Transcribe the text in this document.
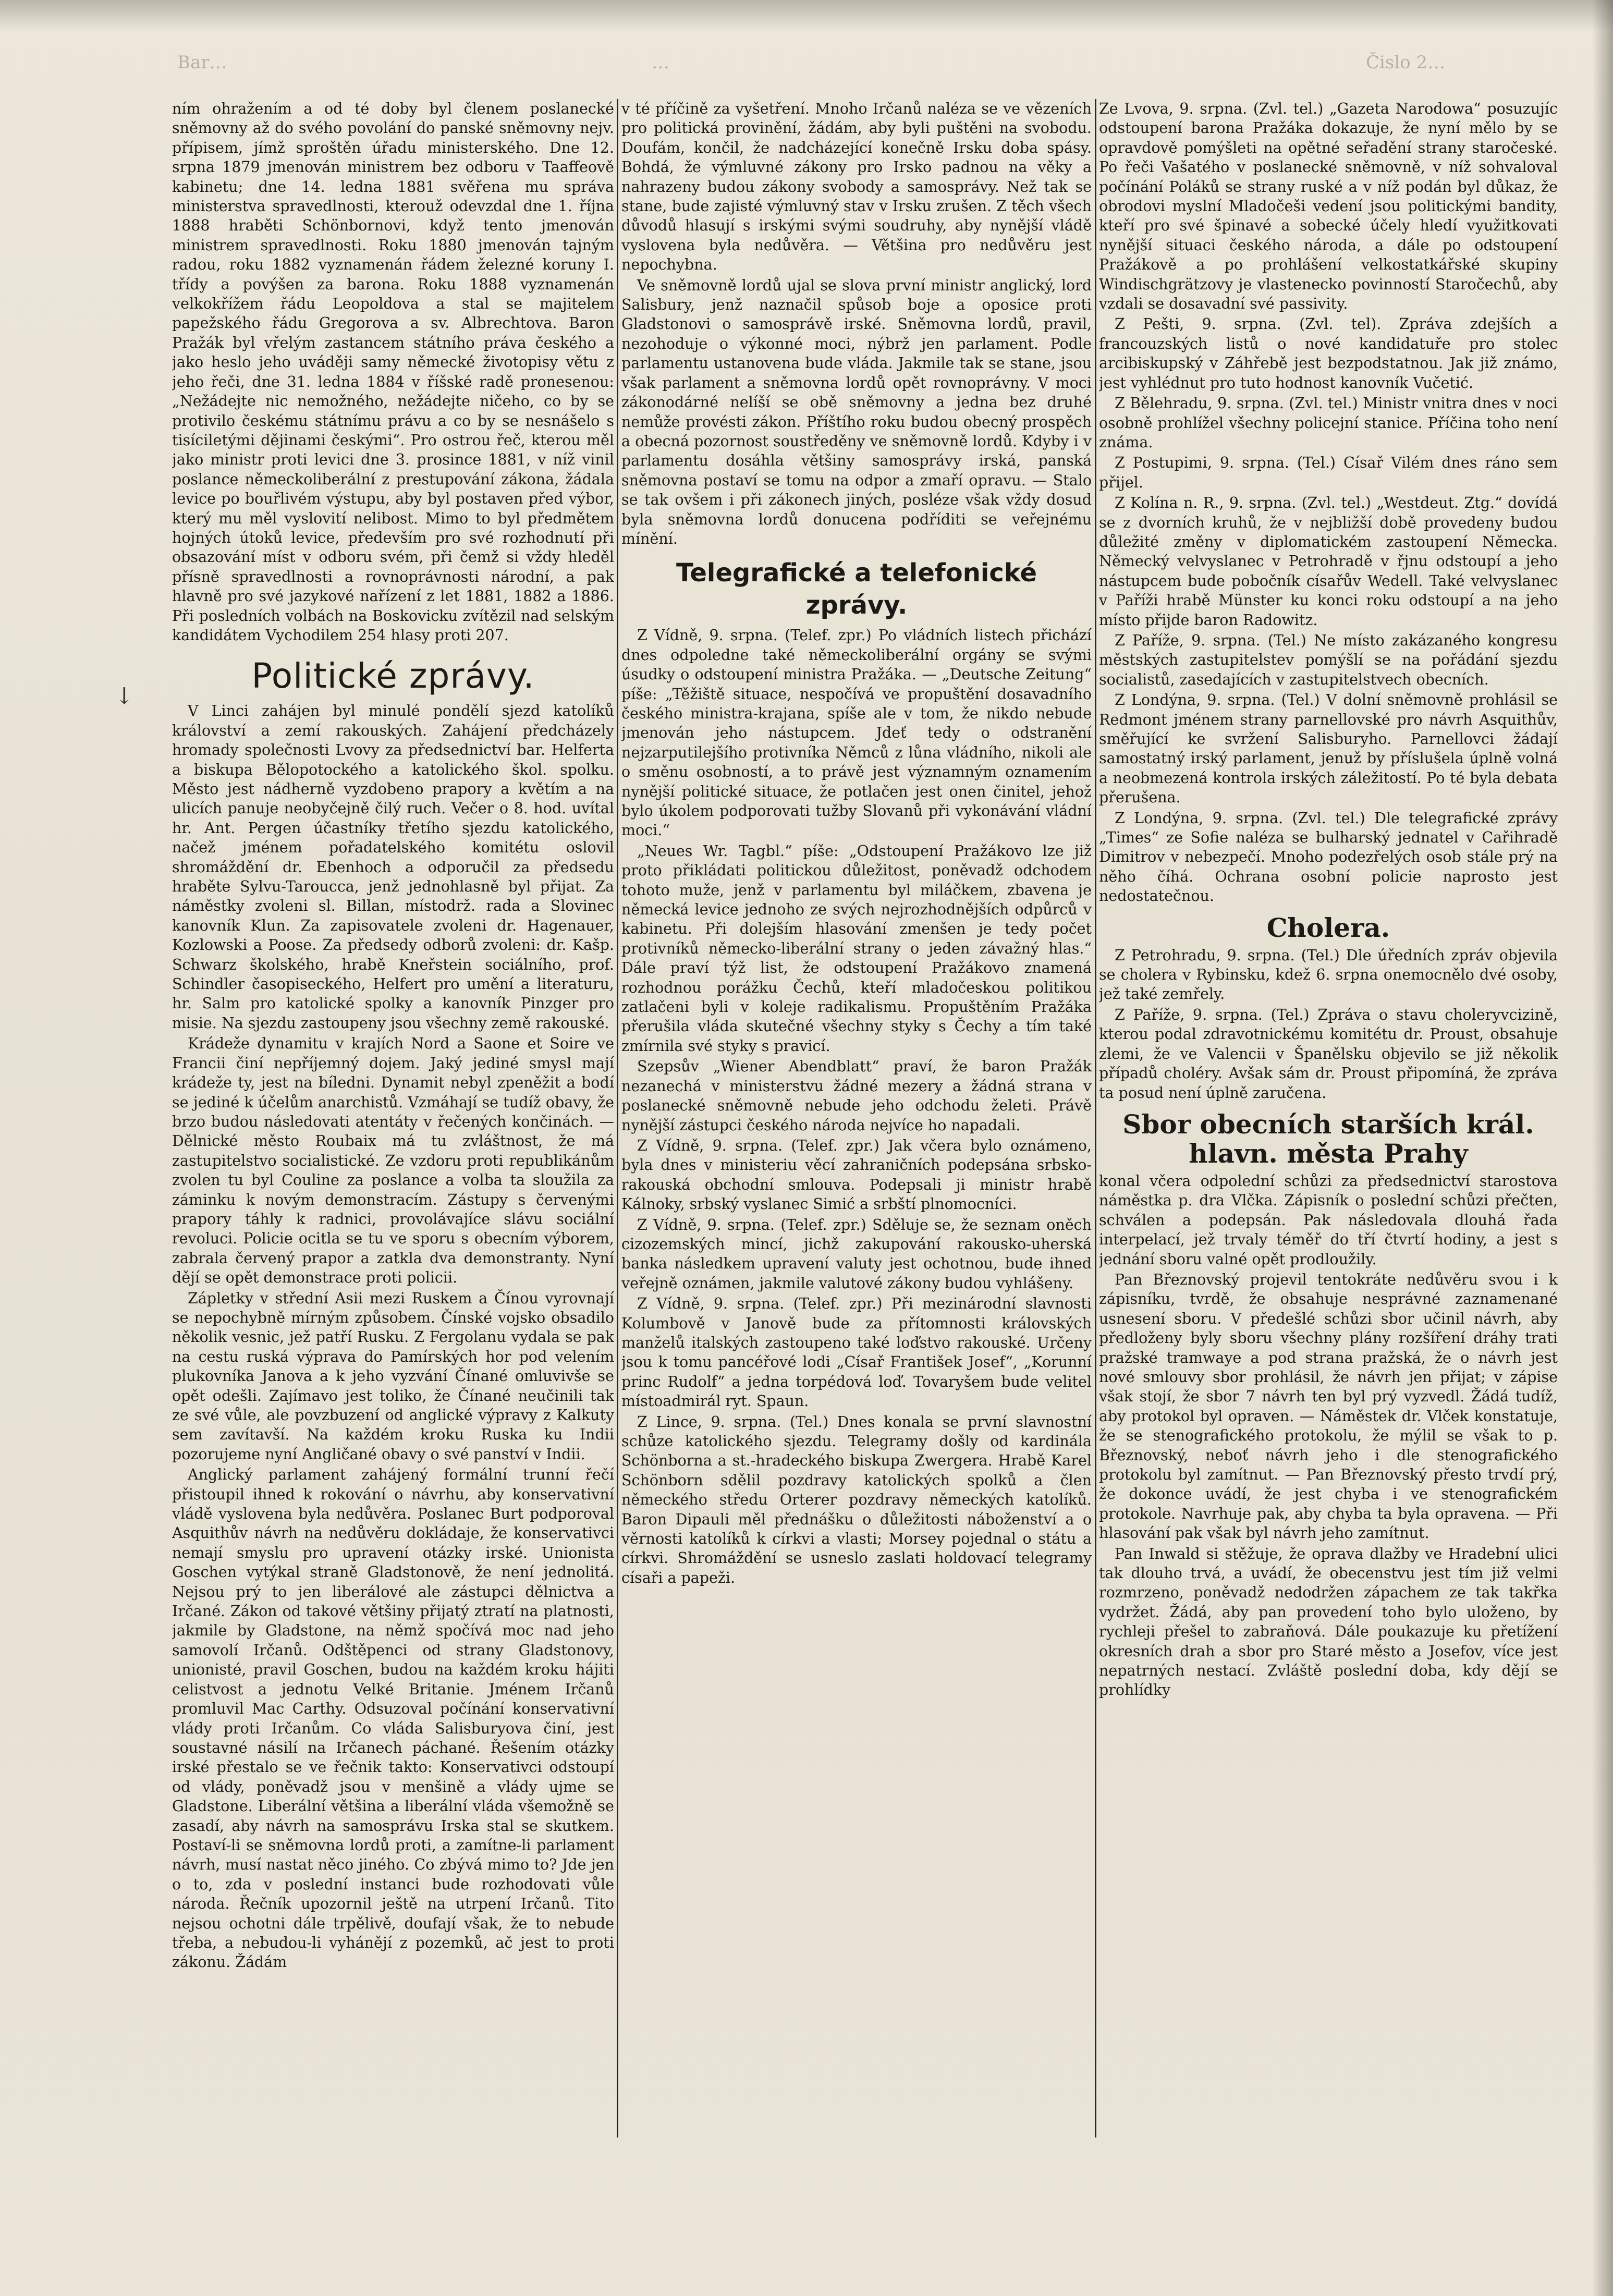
↓

ním ohražením a od té doby byl členem poslanecké sněmovny až do svého povolání do panské sněmovny nejv. přípisem, jímž sproštěn úřadu ministerského. Dne 12. srpna 1879 jmenován ministrem bez odboru v Taaffeově kabinetu; dne 14. ledna 1881 svěřena mu správa ministerstva spravedlnosti, kterouž odevzdal dne 1. října 1888 hraběti Schönbornovi, když tento jmenován ministrem spravedlnosti. Roku 1880 jmenován tajným radou, roku 1882 vyznamenán řádem železné koruny I. třídy a povýšen za barona. Roku 1888 vyznamenán velkokřížem řádu Leopoldova a stal se majitelem papežského řádu Gregorova a sv. Albrechtova. Baron Pražák byl vřelým zastancem státního práva českého a jako heslo jeho uváději samy německé životopisy větu z jeho řeči, dne 31. ledna 1884 v říšské radě pronesenou: „Nežádejte nic nemožného, nežádejte ničeho, co by se protivilo českému státnímu právu a co by se nesnášelo s tisíciletými dějinami českými“. Pro ostrou řeč, kterou měl jako ministr proti levici dne 3. prosince 1881, v níž vinil poslance německoliberální z prestupování zákona, žádala levice po bouřlivém výstupu, aby byl postaven před výbor, který mu měl vyslovití nelibost. Mimo to byl předmětem hojných útoků levice, především pro své rozhodnutí při obsazování míst v odboru svém, při čemž si vždy hleděl přísně spravedlnosti a rovnoprávnosti národní, a pak hlavně pro své jazykové nařízení z let 1881, 1882 a 1886. Při posledních volbách na Boskovicku zvítězil nad selským kandidátem Vychodilem 254 hlasy proti 207.

Politické zprávy.

V Linci zahájen byl minulé pondělí sjezd katolíků království a zemí rakouských. Zahájení předcházely hromady společnosti Lvovy za předsednictví bar. Helferta a biskupa Bělopotockého a katolického škol. spolku. Město jest nádherně vyzdobeno prapory a květím a na ulicích panuje neobyčejně čilý ruch. Večer o 8. hod. uvítal hr. Ant. Pergen účastníky třetího sjezdu katolického, načež jménem pořadatelského komitétu oslovil shromáždění dr. Ebenhoch a odporučil za předsedu hraběte Sylvu-Taroucca, jenž jednohlasně byl přijat. Za náměstky zvoleni sl. Billan, místodrž. rada a Slovinec kanovník Klun. Za zapisovatele zvoleni dr. Hagenauer, Kozlowski a Poose. Za předsedy odborů zvoleni: dr. Kašp. Schwarz školského, hrabě Kneřstein sociálního, prof. Schindler časopiseckého, Helfert pro umění a literaturu, hr. Salm pro katolické spolky a kanovník Pinzger pro misie. Na sjezdu zastoupeny jsou všechny země rakouské.

Krádeže dynamitu v krajích Nord a Saone et Soire ve Francii činí nepříjemný dojem. Jaký jediné smysl mají krádeže ty, jest na bíledni. Dynamit nebyl zpeněžit a bodí se jediné k účelům anarchistů. Vzmáhají se tudíž obavy, že brzo budou následovati atentáty v řečených končinách. — Dělnické město Roubaix má tu zvláštnost, že má zastupitelstvo socialistické. Ze vzdoru proti republikánům zvolen tu byl Couline za poslance a volba ta sloužila za záminku k novým demonstracím. Zástupy s červenými prapory táhly k radnici, provolávajíce slávu sociální revoluci. Policie ocitla se tu ve sporu s obecním výborem, zabrala červený prapor a zatkla dva demonstranty. Nyní dějí se opět demonstrace proti policii.

Zápletky v střední Asii mezi Ruskem a Čínou vyrovnají se nepochybně mírným způsobem. Čínské vojsko obsadilo několik vesnic, jež patří Rusku. Z Fergolanu vydala se pak na cestu ruská výprava do Pamírských hor pod velením plukovníka Janova a k jeho vyzvání Čínané omluvivše se opět odešli. Zajímavo jest toliko, že Čínané neučinili tak ze své vůle, ale povzbuzení od anglické výpravy z Kalkuty sem zavítavší. Na každém kroku Ruska ku Indii pozorujeme nyní Angličané obavy o své panství v Indii.

Anglický parlament zahájený formální trunní řečí přistoupil ihned k rokování o návrhu, aby konservativní vládě vyslovena byla nedůvěra. Poslanec Burt podporoval Asquithův návrh na nedůvěru dokládaje, že konservativci nemají smyslu pro upravení otázky irské. Unionista Goschen vytýkal straně Gladstonově, že není jednolitá. Nejsou prý to jen liberálové ale zástupci dělnictva a Irčané. Zákon od takové většiny přijatý ztratí na platnosti, jakmile by Gladstone, na němž spočívá moc nad jeho samovolí Irčanů. Odštěpenci od strany Gladstonovy, unionisté, pravil Goschen, budou na každém kroku hájiti celistvost a jednotu Velké Britanie. Jménem Irčanů promluvil Mac Carthy. Odsuzoval počínání konservativní vlády proti Irčanům. Co vláda Salisburyova činí, jest soustavné násilí na Irčanech páchané. Řešením otázky irské přestalo se ve řečnik takto: Konservativci odstoupí od vlády, poněvadž jsou v menšině a vlády ujme se Gladstone. Liberální většina a liberální vláda všemožně se zasadí, aby návrh na samosprávu Irska stal se skutkem. Postaví-li se sněmovna lordů proti, a zamítne-li parlament návrh, musí nastat něco jiného. Co zbývá mimo to? Jde jen o to, zda v poslední instanci bude rozhodovati vůle národa. Řečník upozornil ještě na utrpení Irčanů. Tito nejsou ochotni dále trpělivě, doufají však, že to nebude třeba, a nebudou-li vyhánějí z pozemků, ač jest to proti zákonu. Žádám

v té příčině za vyšetření. Mnoho Irčanů naléza se ve vězeních pro politická provinění, žádám, aby byli puštěni na svobodu. Doufám, končil, že nadcházející konečně Irsku doba spásy. Bohdá, že výmluvné zákony pro Irsko padnou na věky a nahrazeny budou zákony svobody a samosprávy. Než tak se stane, bude zajisté výmluvný stav v Irsku zrušen. Z těch všech důvodů hlasují s irskými svými soudruhy, aby nynější vládě vyslovena byla nedůvěra. — Většina pro nedůvěru jest nepochybna.

Ve sněmovně lordů ujal se slova první ministr anglický, lord Salisbury, jenž naznačil spůsob boje a oposice proti Gladstonovi o samosprávě irské. Sněmovna lordů, pravil, nezohoduje o výkonné moci, nýbrž jen parlament. Podle parlamentu ustanovena bude vláda. Jakmile tak se stane, jsou však parlament a sněmovna lordů opět rovnoprávny. V moci zákonodárné nelíší se obě sněmovny a jedna bez druhé nemůže provésti zákon. Příštího roku budou obecný prospěch a obecná pozornost soustředěny ve sněmovně lordů. Kdyby i v parlamentu dosáhla většiny samosprávy irská, panská sněmovna postaví se tomu na odpor a zmaří opravu. — Stalo se tak ovšem i při zákonech jiných, posléze však vždy dosud byla sněmovna lordů donucena podříditi se veřejnému mínění.

Telegrafické a telefonické zprávy.

Z Vídně, 9. srpna. (Telef. zpr.) Po vládních listech přichází dnes odpoledne také německoliberální orgány se svými úsudky o odstoupení ministra Pražáka. — „Deutsche Zeitung“ píše: „Těžiště situace, nespočívá ve propuštění dosavadního českého ministra-krajana, spíše ale v tom, že nikdo nebude jmenován jeho nástupcem. Jdeť tedy o odstranění nejzarputilejšího protivníka Němců z lůna vládního, nikoli ale o směnu osobností, a to právě jest významným oznamením nynější politické situace, že potlačen jest onen činitel, jehož bylo úkolem podporovati tužby Slovanů při vykonávání vládní moci.“

„Neues Wr. Tagbl.“ píše: „Odstoupení Pražákovo lze již proto přikládati politickou důležitost, poněvadž odchodem tohoto muže, jenž v parlamentu byl miláčkem, zbavena je německá levice jednoho ze svých nejrozhodnějších odpůrců v kabinetu. Při dolejším hlasování zmenšen je tedy počet protivníků německo-liberální strany o jeden závažný hlas.“ Dále praví týž list, že odstoupení Pražákovo znamená rozhodnou porážku Čechů, kteří mladočeskou politikou zatlačeni byli v koleje radikalismu. Propuštěním Pražáka přerušila vláda skutečné všechny styky s Čechy a tím také zmírnila své styky s pravicí.

Szepsův „Wiener Abendblatt“ praví, že baron Pražák nezanechá v ministerstvu žádné mezery a žádná strana v poslanecké sněmovně nebude jeho odchodu želeti. Právě nynější zástupci českého národa nejvíce ho napadali.

Z Vídně, 9. srpna. (Telef. zpr.) Jak včera bylo oznámeno, byla dnes v ministeriu věcí zahraničních podepsána srbsko-rakouská obchodní smlouva. Podepsali ji ministr hrabě Kálnoky, srbský vyslanec Simić a srbští plnomocníci.

Z Vídně, 9. srpna. (Telef. zpr.) Sděluje se, že seznam oněch cizozemských mincí, jichž zakupování rakousko-uherská banka následkem upravení valuty jest ochotnou, bude ihned veřejně oznámen, jakmile valutové zákony budou vyhlášeny.

Z Vídně, 9. srpna. (Telef. zpr.) Při mezinárodní slavnosti Kolumbově v Janově bude za přítomnosti královských manželů italských zastoupeno také loďstvo rakouské. Určeny jsou k tomu pancéřové lodi „Císař František Josef“, „Korunní princ Rudolf“ a jedna torpédová loď. Tovaryšem bude velitel místoadmirál ryt. Spaun.

Z Lince, 9. srpna. (Tel.) Dnes konala se první slavnostní schůze katolického sjezdu. Telegramy došly od kardinála Schönborna a st.-hradeckého biskupa Zwergera. Hrabě Karel Schönborn sdělil pozdravy katolických spolků a člen německého středu Orterer pozdravy německých katolíků. Baron Dipauli měl přednášku o důležitosti náboženství a o věrnosti katolíků k církvi a vlasti; Morsey pojednal o státu a církvi. Shromáždění se usneslo zaslati holdovací telegramy císaři a papeži.

Ze Lvova, 9. srpna. (Zvl. tel.) „Gazeta Narodowa“ posuzujíc odstoupení barona Pražáka dokazuje, že nyní mělo by se opravdově pomýšleti na opětné seřadění strany staročeské. Po řeči Vašatého v poslanecké sněmovně, v níž sohvaloval počínání Poláků se strany ruské a v níž podán byl důkaz, že obrodovi myslní Mladočeši vedení jsou politickými bandity, kteří pro své špinavé a sobecké účely hledí využitkovati nynější situaci českého národa, a dále po odstoupení Pražákově a po prohlášení velkostatkářské skupiny Windischgrätzovy je vlastenecko povinností Staročechů, aby vzdali se dosavadní své passivity.

Z Pešti, 9. srpna. (Zvl. tel). Zpráva zdejších a francouzských listů o nové kandidatuře pro stolec arcibiskupský v Záhřebě jest bezpodstatnou. Jak již známo, jest vyhlédnut pro tuto hodnost kanovník Vučetić.

Z Bělehradu, 9. srpna. (Zvl. tel.) Ministr vnitra dnes v noci osobně prohlížel všechny policejní stanice. Příčina toho není známa.

Z Postupimi, 9. srpna. (Tel.) Císař Vilém dnes ráno sem přijel.

Z Kolína n. R., 9. srpna. (Zvl. tel.) „Westdeut. Ztg.“ dovídá se z dvorních kruhů, že v nejbližší době provedeny budou důležité změny v diplomatickém zastoupení Německa. Německý velvyslanec v Petrohradě v řjnu odstoupí a jeho nástupcem bude pobočník císařův Wedell. Také velvyslanec v Paříži hrabě Münster ku konci roku odstoupí a na jeho místo přijde baron Radowitz.

Z Paříže, 9. srpna. (Tel.) Ne místo zakázaného kongresu městských zastupitelstev pomýšlí se na pořádání sjezdu socialistů, zasedajících v zastupitelstvech obecních.

Z Londýna, 9. srpna. (Tel.) V dolní sněmovně prohlásil se Redmont jménem strany parnellovské pro návrh Asquithův, směřující ke svržení Salisburyho. Parnellovci žádají samostatný irský parlament, jenuž by příslušela úplně volná a neobmezená kontrola irských záležitostí. Po té byla debata přerušena.

Z Londýna, 9. srpna. (Zvl. tel.) Dle telegrafické zprávy „Times“ ze Sofie naléza se bulharský jednatel v Cařihradě Dimitrov v nebezpečí. Mnoho podezřelých osob stále prý na něho číhá. Ochrana osobní policie naprosto jest nedostatečnou.

Cholera.

Z Petrohradu, 9. srpna. (Tel.) Dle úředních zpráv objevila se cholera v Rybinsku, kdež 6. srpna onemocnělo dvé osoby, jež také zemřely.

Z Paříže, 9. srpna. (Tel.) Zpráva o stavu choleryvcizině, kterou podal zdravotnickému komitétu dr. Proust, obsahuje zlemi, že ve Valencii v Španělsku objevilo se již několik případů choléry. Avšak sám dr. Proust připomíná, že zpráva ta posud není úplně zaručena.

Sbor obecních starších král. hlavn. města Prahy

konal včera odpolední schůzi za předsednictví starostova náměstka p. dra Vlčka. Zápisník o poslední schůzi přečten, schválen a podepsán. Pak následovala dlouhá řada interpelací, jež trvaly téměř do tří čtvrtí hodiny, a jest s jednání sboru valné opět prodloužily.

Pan Březnovský projevil tentokráte nedůvěru svou i k zápisníku, tvrdě, že obsahuje nesprávné zaznamenané usnesení sboru. V předešlé schůzi sbor učinil návrh, aby předloženy byly sboru všechny plány rozšíření dráhy trati pražské tramwaye a pod strana pražská, že o návrh jest nové smlouvy sbor prohlásil, že návrh jen přijat; v zápise však stojí, že sbor 7 návrh ten byl prý vyzvedl. Žádá tudíž, aby protokol byl opraven. — Náměstek dr. Vlček konstatuje, že se stenografického protokolu, že mýlil se však to p. Březnovský, neboť návrh jeho i dle stenografického protokolu byl zamítnut. — Pan Březnovský přesto trvdí prý, že dokonce uvádí, že jest chyba i ve stenografickém protokole. Navrhuje pak, aby chyba ta byla opravena. — Při hlasování pak však byl návrh jeho zamítnut.

Pan Inwald si stěžuje, že oprava dlažby ve Hradební ulici tak dlouho trvá, a uvádí, že obecenstvu jest tím již velmi rozmrzeno, poněvadž nedodržen zápachem ze tak takřka vydržet. Žádá, aby pan provedení toho bylo uloženo, by rychleji přešel to zabraňová. Dále poukazuje ku přetížení okresních drah a sbor pro Staré město a Josefov, více jest nepatrných nestací. Zvláště poslední doba, kdy dějí se prohlídky

Bar…	…	Čislo 2…
